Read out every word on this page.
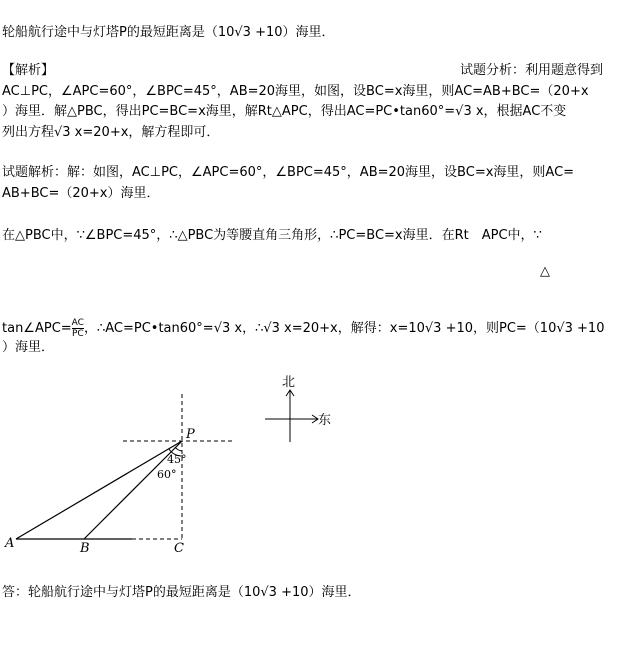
轮船航行途中与灯塔P的最短距离是（10√3 +10）海里．
【解析】	试题分析：利用题意得到
AC⊥PC，∠APC=60°，∠BPC=45°，AB=20海里，如图，设BC=x海里，则AC=AB+BC=（20+x
）海里．解△PBC，得出PC=BC=x海里，解Rt△APC，得出AC=PC•tan60°=√3 x，根据AC不变
列出方程√3 x=20+x，解方程即可．
试题解析：解：如图，AC⊥PC，∠APC=60°，∠BPC=45°，AB=20海里，设BC=x海里，则AC=
AB+BC=（20+x）海里．
在△PBC中，∵∠BPC=45°，∴△PBC为等腰直角三角形，∴PC=BC=x海里．在Rt　APC中，∵
△
tan∠APC= $\frac{AC}{PC}$ ，∴AC=PC•tan60°=√3 x，∴√3 x=20+x，解得：x=10√3 +10，则PC=（10√3 +10
）海里．
P
45°
60°
A	B	C
北
东
答：轮船航行途中与灯塔P的最短距离是（10√3 +10）海里．
